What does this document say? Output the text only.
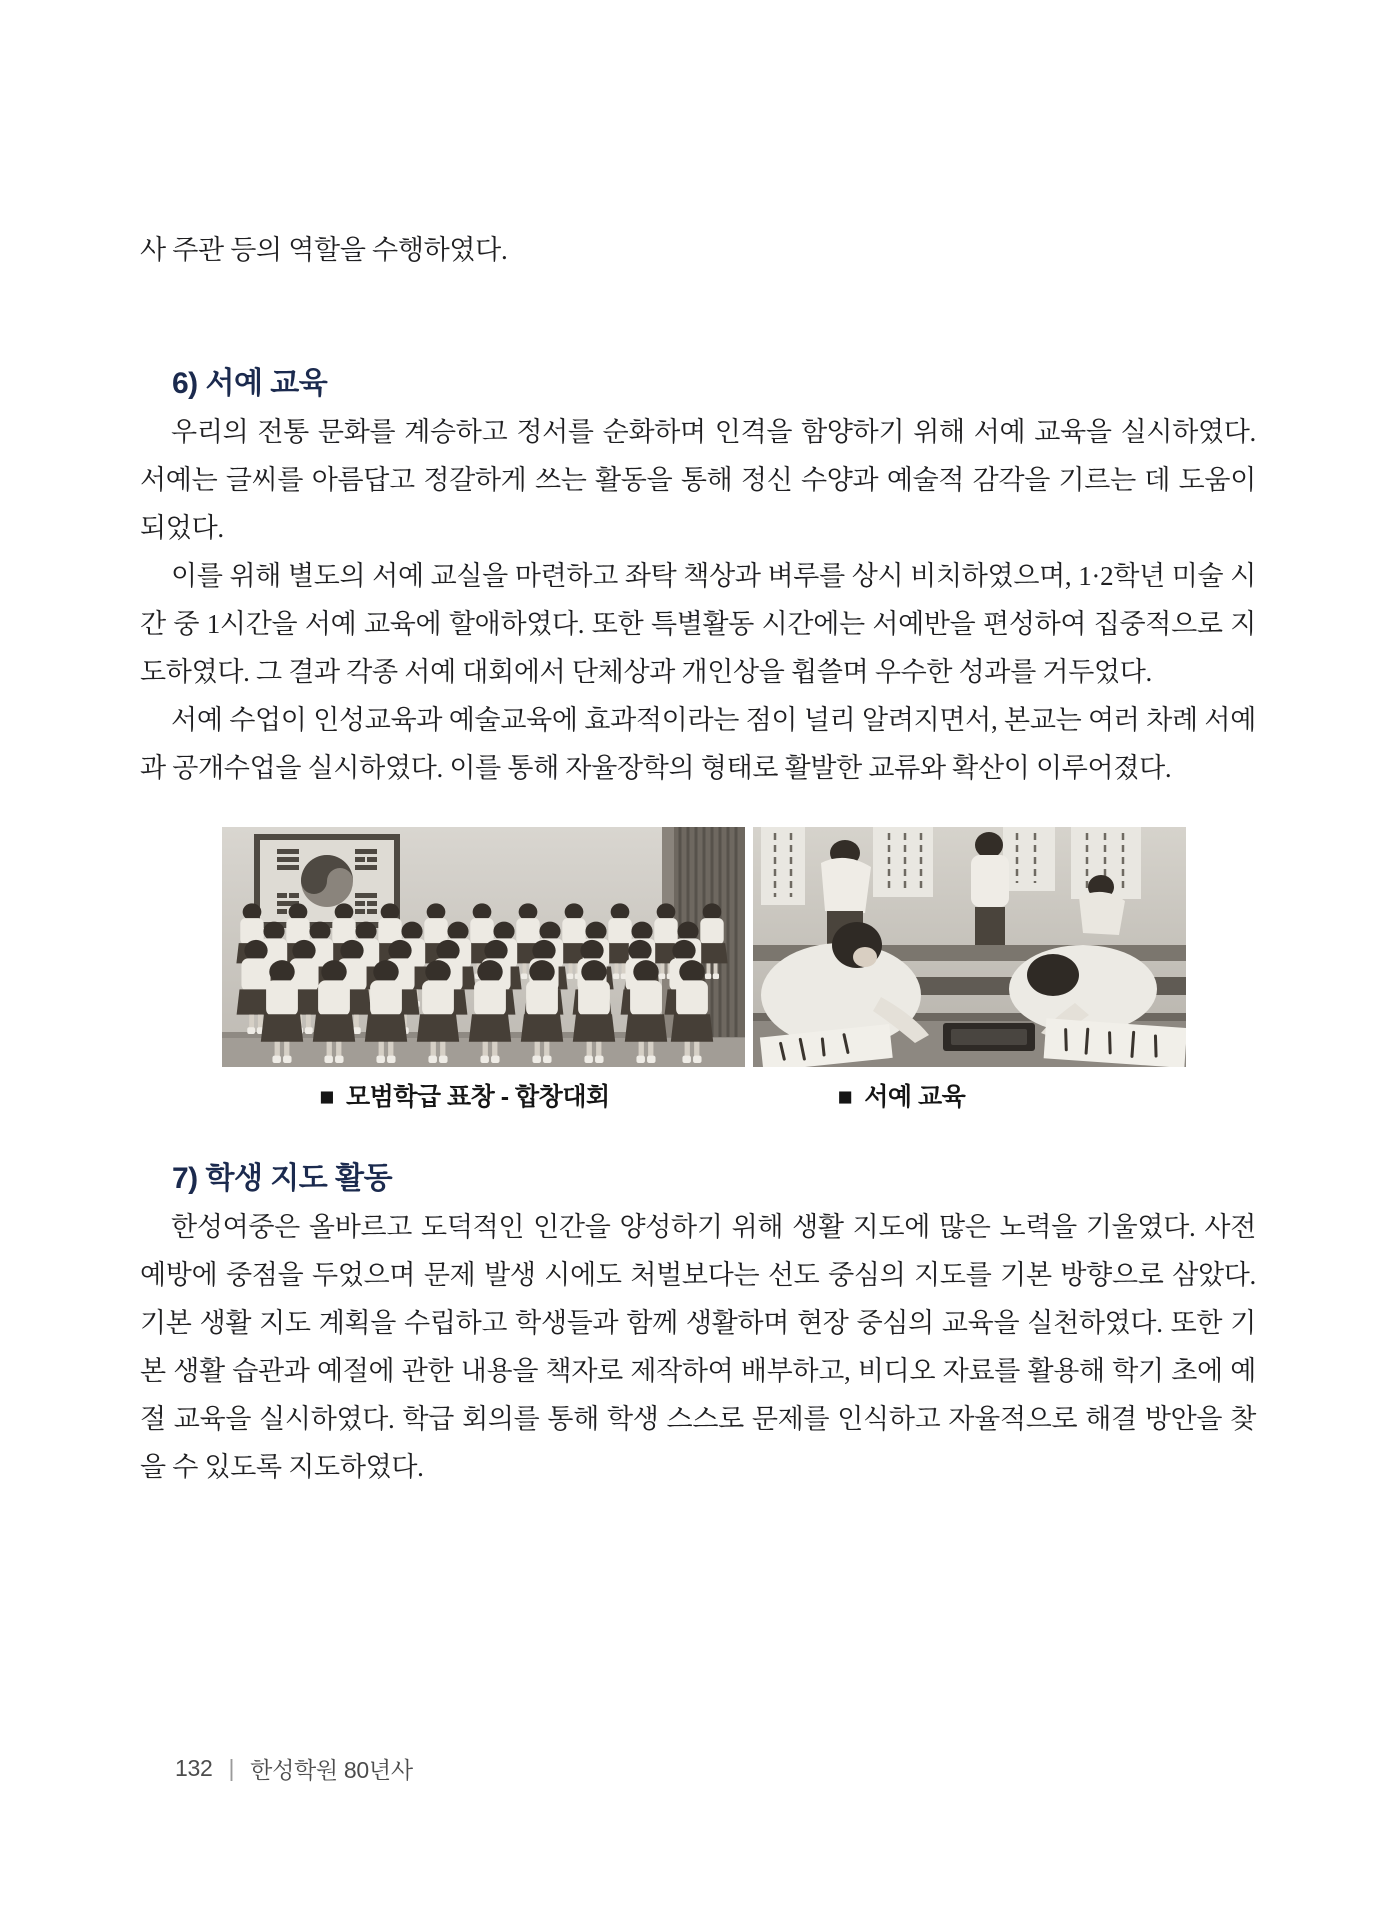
사 주관 등의 역할을 수행하였다.

6) 서예 교육

우리의 전통 문화를 계승하고 정서를 순화하며 인격을 함양하기 위해 서예 교육을 실시하였다. 서예는 글씨를 아름답고 정갈하게 쓰는 활동을 통해 정신 수양과 예술적 감각을 기르는 데 도움이 되었다.

이를 위해 별도의 서예 교실을 마련하고 좌탁 책상과 벼루를 상시 비치하였으며, 1·2학년 미술 시간 중 1시간을 서예 교육에 할애하였다. 또한 특별활동 시간에는 서예반을 편성하여 집중적으로 지도하였다. 그 결과 각종 서예 대회에서 단체상과 개인상을 휩쓸며 우수한 성과를 거두었다.

서예 수업이 인성교육과 예술교육에 효과적이라는 점이 널리 알려지면서, 본교는 여러 차례 서예과 공개수업을 실시하였다. 이를 통해 자율장학의 형태로 활발한 교류와 확산이 이루어졌다.

■ 모범학급 표창 - 합창대회	■ 서예 교육
7) 학생 지도 활동

한성여중은 올바르고 도덕적인 인간을 양성하기 위해 생활 지도에 많은 노력을 기울였다. 사전 예방에 중점을 두었으며 문제 발생 시에도 처벌보다는 선도 중심의 지도를 기본 방향으로 삼았다. 기본 생활 지도 계획을 수립하고 학생들과 함께 생활하며 현장 중심의 교육을 실천하였다. 또한 기본 생활 습관과 예절에 관한 내용을 책자로 제작하여 배부하고, 비디오 자료를 활용해 학기 초에 예절 교육을 실시하였다. 학급 회의를 통해 학생 스스로 문제를 인식하고 자율적으로 해결 방안을 찾을 수 있도록 지도하였다.

132 | 한성학원 80년사
